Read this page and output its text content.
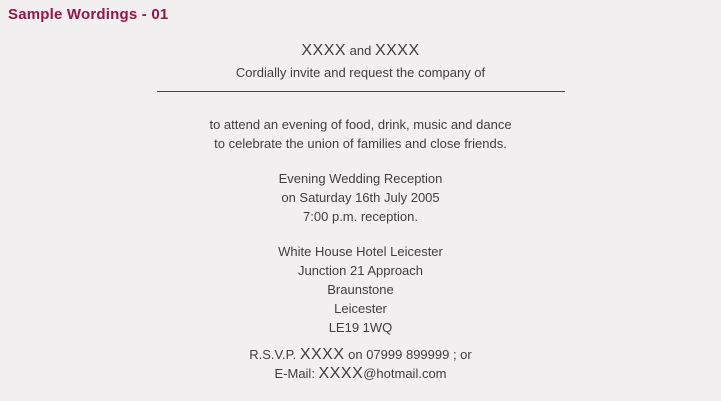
Sample Wordings - 01
XXXX and XXXX
Cordially invite and request the company of
to attend an evening of food, drink, music and dance
to celebrate the union of families and close friends.
Evening Wedding Reception
on Saturday 16th July 2005
7:00 p.m. reception.
White House Hotel Leicester
Junction 21 Approach
Braunstone
Leicester
LE19 1WQ
R.S.V.P. XXXX on 07999 899999 ; or
E-Mail: XXXX@hotmail.com
